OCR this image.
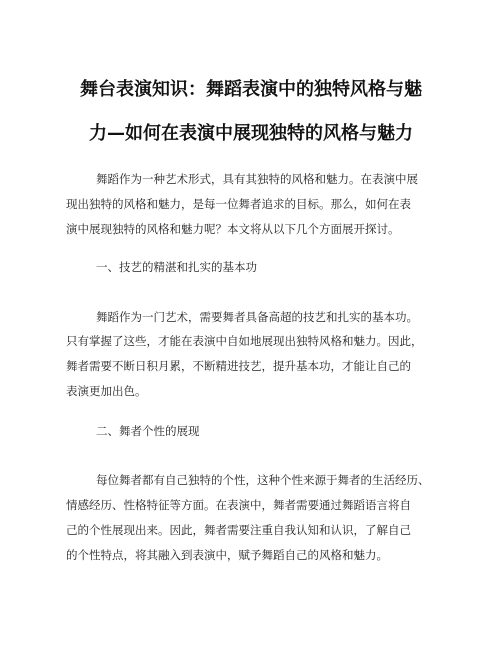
舞台表演知识：舞蹈表演中的独特风格与魅
力—如何在表演中展现独特的风格与魅力
舞蹈作为一种艺术形式，具有其独特的风格和魅力。在表演中展
现出独特的风格和魅力，是每一位舞者追求的目标。那么，如何在表
演中展现独特的风格和魅力呢？本文将从以下几个方面展开探讨。
一、技艺的精湛和扎实的基本功
舞蹈作为一门艺术，需要舞者具备高超的技艺和扎实的基本功。
只有掌握了这些，才能在表演中自如地展现出独特风格和魅力。因此，
舞者需要不断日积月累，不断精进技艺，提升基本功，才能让自己的
表演更加出色。
二、舞者个性的展现
每位舞者都有自己独特的个性，这种个性来源于舞者的生活经历、
情感经历、性格特征等方面。在表演中，舞者需要通过舞蹈语言将自
己的个性展现出来。因此，舞者需要注重自我认知和认识，了解自己
的个性特点，将其融入到表演中，赋予舞蹈自己的风格和魅力。
